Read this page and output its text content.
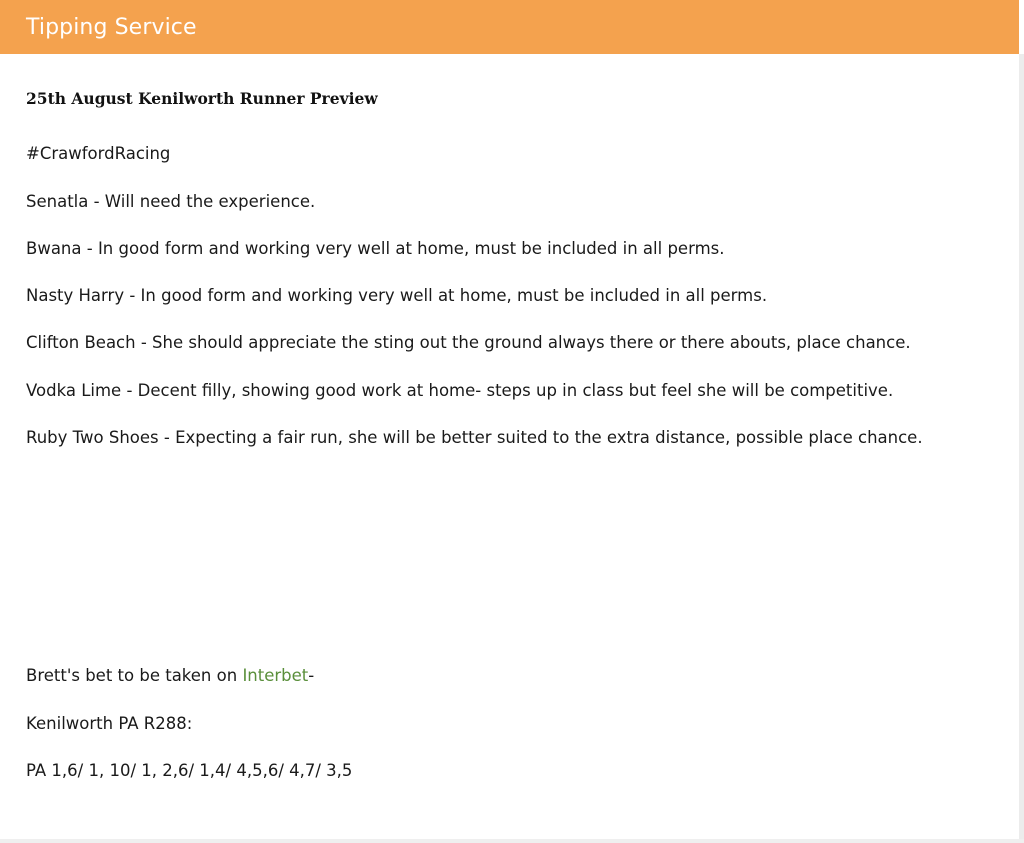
Tipping Service
25th August Kenilworth Runner Preview

#CrawfordRacing

Senatla - Will need the experience.

Bwana - In good form and working very well at home, must be included in all perms.

Nasty Harry - In good form and working very well at home, must be included in all perms.

Clifton Beach - She should appreciate the sting out the ground always there or there abouts, place chance.

Vodka Lime - Decent filly, showing good work at home- steps up in class but feel she will be competitive.

Ruby Two Shoes - Expecting a fair run, she will be better suited to the extra distance, possible place chance.

Brett's bet to be taken on Interbet-

Kenilworth PA R288:

PA 1,6/ 1, 10/ 1, 2,6/ 1,4/ 4,5,6/ 4,7/ 3,5
